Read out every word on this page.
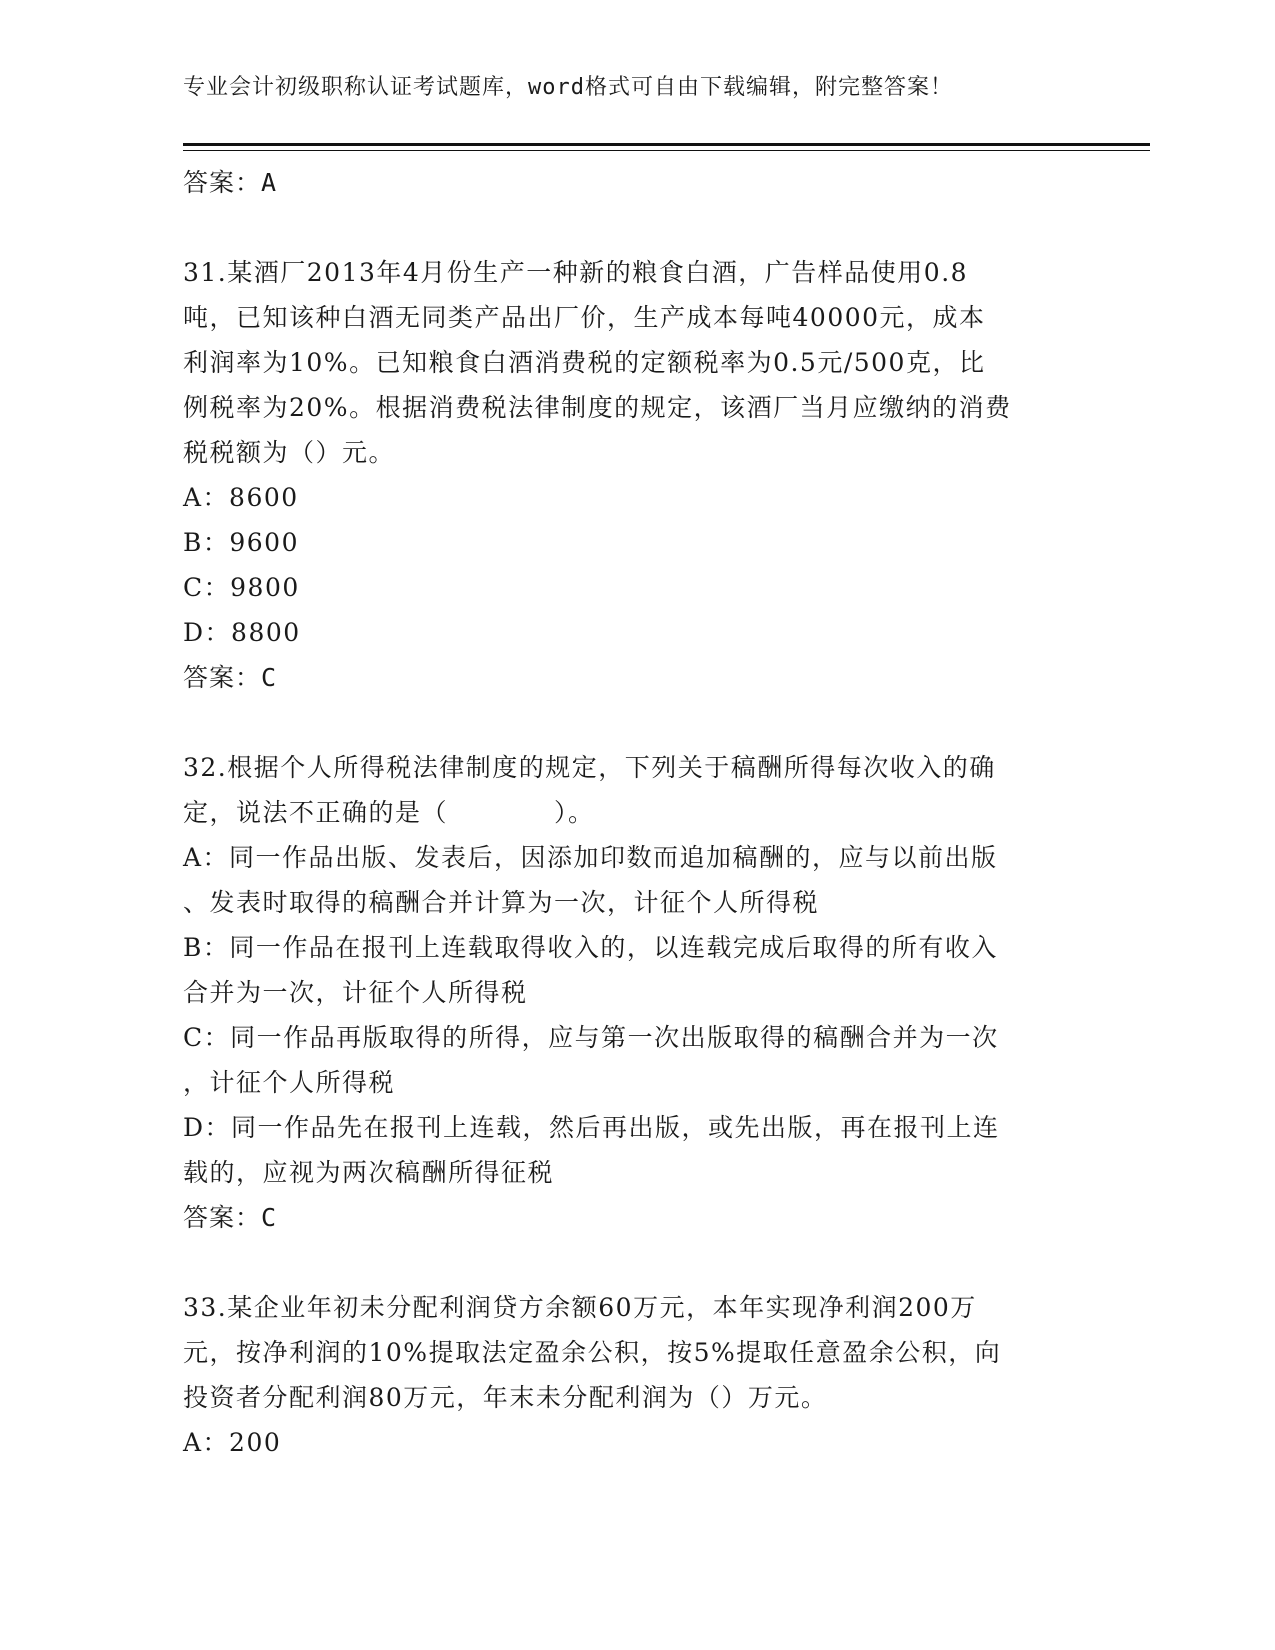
专业会计初级职称认证考试题库，word格式可自由下载编辑，附完整答案！
答案：A
31.某酒厂2013年4月份生产一种新的粮食白酒，广告样品使用0.8
吨，已知该种白酒无同类产品出厂价，生产成本每吨40000元，成本
利润率为10%。已知粮食白酒消费税的定额税率为0.5元/500克，比
例税率为20%。根据消费税法律制度的规定，该酒厂当月应缴纳的消费
税税额为（）元。
A：8600
B：9600
C：9800
D：8800
答案：C
32.根据个人所得税法律制度的规定，下列关于稿酬所得每次收入的确
定，说法不正确的是（　　　　）。
A：同一作品出版、发表后，因添加印数而追加稿酬的，应与以前出版
、发表时取得的稿酬合并计算为一次，计征个人所得税
B：同一作品在报刊上连载取得收入的，以连载完成后取得的所有收入
合并为一次，计征个人所得税
C：同一作品再版取得的所得，应与第一次出版取得的稿酬合并为一次
，计征个人所得税
D：同一作品先在报刊上连载，然后再出版，或先出版，再在报刊上连
载的，应视为两次稿酬所得征税
答案：C
33.某企业年初未分配利润贷方余额60万元，本年实现净利润200万
元，按净利润的10%提取法定盈余公积，按5%提取任意盈余公积，向
投资者分配利润80万元，年末未分配利润为（）万元。
A：200
